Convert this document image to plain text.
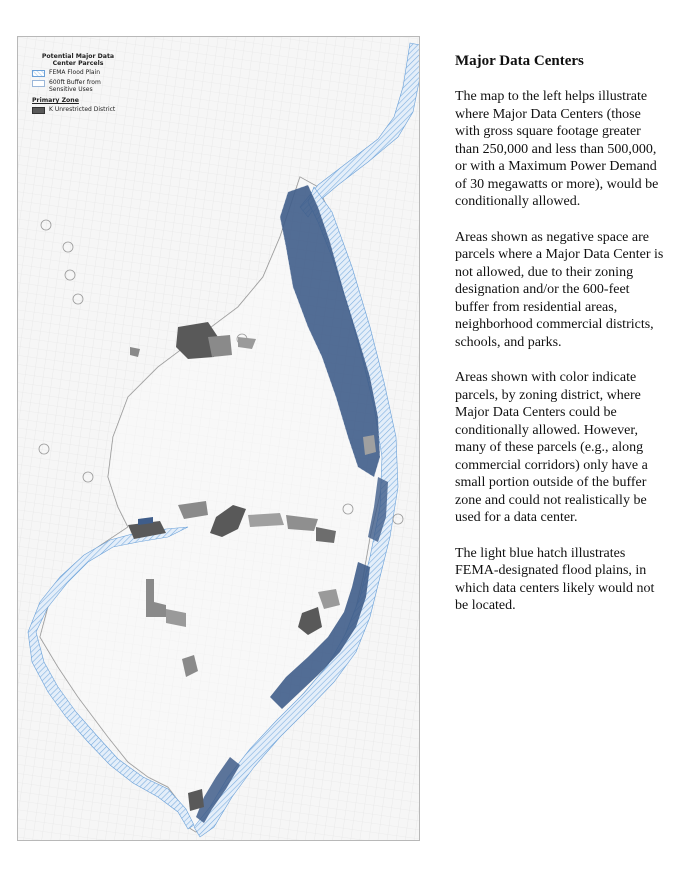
Potential Major Data Center Parcels
FEMA Flood Plain
600ft Buffer from Sensitive Uses
Primary Zone
K Unrestricted District
Major Data Centers

The map to the left helps illustrate where Major Data Centers (those with gross square footage greater than 250,000 and less than 500,000, or with a Maximum Power Demand of 30 megawatts or more), would be conditionally allowed.

Areas shown as negative space are parcels where a Major Data Center is not allowed, due to their zoning designation and/or the 600-feet buffer from residential areas, neighborhood commercial districts, schools, and parks.

Areas shown with color indicate parcels, by zoning district, where Major Data Centers could be conditionally allowed. However, many of these parcels (e.g., along commercial corridors) only have a small portion outside of the buffer zone and could not realistically be used for a data center.

The light blue hatch illustrates FEMA-designated flood plains, in which data centers likely would not be located.
